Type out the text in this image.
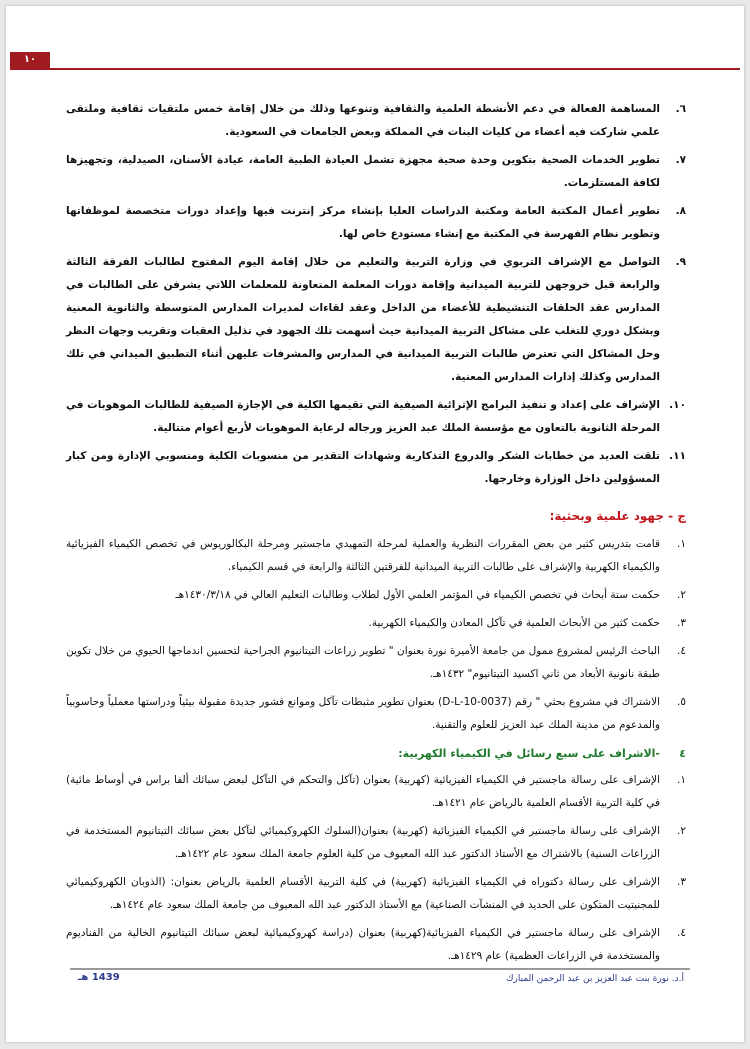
١٠
٦.
المساهمة الفعالة في دعم الأنشطة العلمية والثقافية وتنوعها وذلك من خلال إقامة خمس ملتقيات ثقافية وملتقى علمي شاركت فيه أعضاء من كليات البنات في المملكة وبعض الجامعات في السعودية.
٧.
تطوير الخدمات الصحية بتكوين وحدة صحية مجهزة تشمل العيادة الطبية العامة، عيادة الأسنان، الصيدلية، وتجهيزها لكافة المستلزمات.
٨.
تطوير أعمال المكتبة العامة ومكتبة الدراسات العليا بإنشاء مركز إنترنت فيها وإعداد دورات متخصصة لموظفاتها وتطوير نظام الفهرسة في المكتبة مع إنشاء مستودع خاص لها.
٩.
التواصل مع الإشراف التربوي في وزارة التربية والتعليم من خلال إقامة اليوم المفتوح لطالبات الفرقة الثالثة والرابعة قبل خروجهن للتربية الميدانية وإقامة دورات المعلمة المتعاونة للمعلمات اللاتي يشرفن على الطالبات في المدارس عقد الحلقات التنشيطية للأعضاء من الداخل وعقد لقاءات لمديرات المدارس المتوسطة والثانوية المعنية وبشكل دوري للتغلب على مشاكل التربية الميدانية حيث أسهمت تلك الجهود في تذليل العقبات وتقريب وجهات النظر وحل المشاكل التي تعترض طالبات التربية الميدانية في المدارس والمشرفات عليهن أثناء التطبيق الميداني في تلك المدارس وكذلك إدارات المدارس المعنية.
١٠.
الإشراف على إعداد و تنفيذ البرامج الإثرائية الصيفية التي تقيمها الكلية في الإجازة الصيفية للطالبات الموهوبات في المرحلة الثانوية بالتعاون مع مؤسسة الملك عبد العزيز ورجاله لرعاية الموهوبات لأربع أعوام متتالية.
١١.
تلقت العديد من خطابات الشكر والدروع التذكارية وشهادات التقدير من منسوبات الكلية ومنسوبي الإدارة ومن كبار المسؤولين داخل الوزارة وخارجها.
ج - جهود علمية وبحثية:
١.
قامت بتدريس كثير من بعض المقررات النظرية والعملية لمرحلة التمهيدي ماجستير ومرحلة البكالوريوس في تخصص الكيمياء الفيزيائية والكيمياء الكهربية والإشراف على طالبات التربية الميدانية للفرقتين الثالثة والرابعة في قسم الكيمياء.
٢.
حكمت ستة أبحاث في تخصص الكيمياء في المؤتمر العلمي الأول لطلاب وطالبات التعليم العالي في ١٤٣٠/٣/١٨هـ
٣.
حكمت كثير من الأبحاث العلمية في تآكل المعادن والكيمياء الكهربية.
٤.
الباحث الرئيس لمشروع ممول من جامعة الأميرة نورة بعنوان " تطوير زراعات التيتانيوم الجراحية لتحسين اندماجها الحيوي من خلال تكوين طبقة نانونية الأبعاد من ثاني اكسيد التيتانيوم" ١٤٣٢هـ.
٥.
الاشتراك في مشروع بحثي " رقم (D-L-10-0037) بعنوان تطوير مثبطات تآكل وموانع قشور جديدة مقبولة بيئياً ودراستها معملياً وحاسوبياً والمدعوم من مدينة الملك عبد العزيز للعلوم والتقنية.
٤-الاشراف على سبع رسائل في الكيمياء الكهربية:
١.
الإشراف على رسالة ماجستير في الكيمياء الفيزيائية (كهربية) بعنوان (تآكل والتحكم في التآكل لبعض سبائك ألفا براس في أوساط مائية) في كلية التربية الأقسام العلمية بالرياض عام ١٤٢١هـ.
٢.
الإشراف على رسالة ماجستير في الكيمياء الفيزيائية (كهربية) بعنوان(السلوك الكهروكيميائي لتآكل بعض سبائك التيتانيوم المستخدمة في الزراعات السنية) بالاشتراك مع الأستاذ الدكتور عبد الله المعيوف من كلية العلوم جامعة الملك سعود عام ١٤٢٢هـ.
٣.
الإشراف على رسالة دكتوراه في الكيمياء الفيزيائية (كهربية) في كلية التربية الأقسام العلمية بالرياض بعنوان: (الذوبان الكهروكيميائي للمجنيتيت المتكون على الحديد في المنشآت الصناعية) مع الأستاذ الدكتور عبد الله المعيوف من جامعة الملك سعود عام ١٤٢٤هـ.
٤.
الإشراف على رسالة ماجستير في الكيمياء الفيزيائية(كهربية) بعنوان (دراسة كهروكيميائية لبعض سبائك التيتانيوم الخالية من الفناديوم والمستخدمة في الزراعات العظمية) عام ١٤٢٩هـ.
1439 هـ	أ.د. نورة بنت عبد العزيز بن عبد الرحمن المبارك
